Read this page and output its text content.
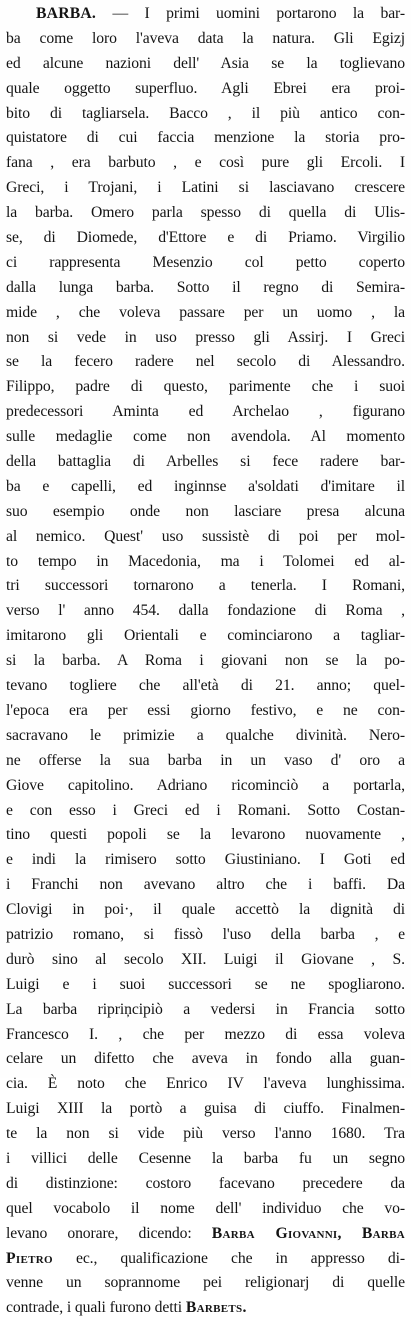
BARBA. — I primi uomini portarono la bar-
ba come loro l'aveva data la natura. Gli Egizj
ed alcune nazioni dell' Asia se la toglievano
quale oggetto superfluo. Agli Ebrei era proi-
bito di tagliarsela. Bacco , il più antico con-
quistatore di cui faccia menzione la storia pro-
fana , era barbuto , e così pure gli Ercoli. I
Greci, i Trojani, i Latini si lasciavano crescere
la barba. Omero parla spesso di quella di Ulis-
se, di Diomede, d'Ettore e di Priamo. Virgilio
ci rappresenta Mesenzio col petto coperto
dalla lunga barba. Sotto il regno di Semira-
mide , che voleva passare per un uomo , la
non si vede in uso presso gli Assirj. I Greci
se la fecero radere nel secolo di Alessandro.
Filippo, padre di questo, parimente che i suoi
predecessori Aminta ed Archelao , figurano
sulle medaglie come non avendola. Al momento
della battaglia di Arbelles si fece radere bar-
ba e capelli, ed inginnse a'soldati d'imitare il
suo esempio onde non lasciare presa alcuna
al nemico. Quest' uso sussistè di poi per mol-
to tempo in Macedonia, ma i Tolomei ed al-
tri successori tornarono a tenerla. I Romani,
verso l' anno 454. dalla fondazione di Roma ,
imitarono gli Orientali e cominciarono a tagliar-
si la barba. A Roma i giovani non se la po-
tevano togliere che all'età di 21. anno; quel-
l'epoca era per essi giorno festivo, e ne con-
sacravano le primizie a qualche divinità. Nero-
ne offerse la sua barba in un vaso d' oro a
Giove capitolino. Adriano ricominciò a portarla,
e con esso i Greci ed i Romani. Sotto Costan-
tino questi popoli se la levarono nuovamente ,
e indi la rimisero sotto Giustiniano. I Goti ed
i Franchi non avevano altro che i baffi. Da
Clovigi in poi·, il quale accettò la dignità di
patrizio romano, si fissò l'uso della barba , e
durò sino al secolo XII. Luigi il Giovane , S.
Luigi e i suoi successori se ne spogliarono.
La barba ripriņcipiò a vedersi in Francia sotto
Francesco I. , che per mezzo di essa voleva
celare un difetto che aveva in fondo alla guan-
cia. È noto che Enrico IV l'aveva lunghissima.
Luigi XIII la portò a guisa di ciuffo. Finalmen-
te la non si vide più verso l'anno 1680. Tra
i villici delle Cesenne la barba fu un segno
di distinzione: costoro facevano precedere da
quel vocabolo il nome dell' individuo che vo-
levano onorare, dicendo: Barba Giovanni, Barba
Pietro ec., qualificazione che in appresso di-
venne un soprannome pei religionarj di quelle
contrade, i quali furono detti Barbets.
